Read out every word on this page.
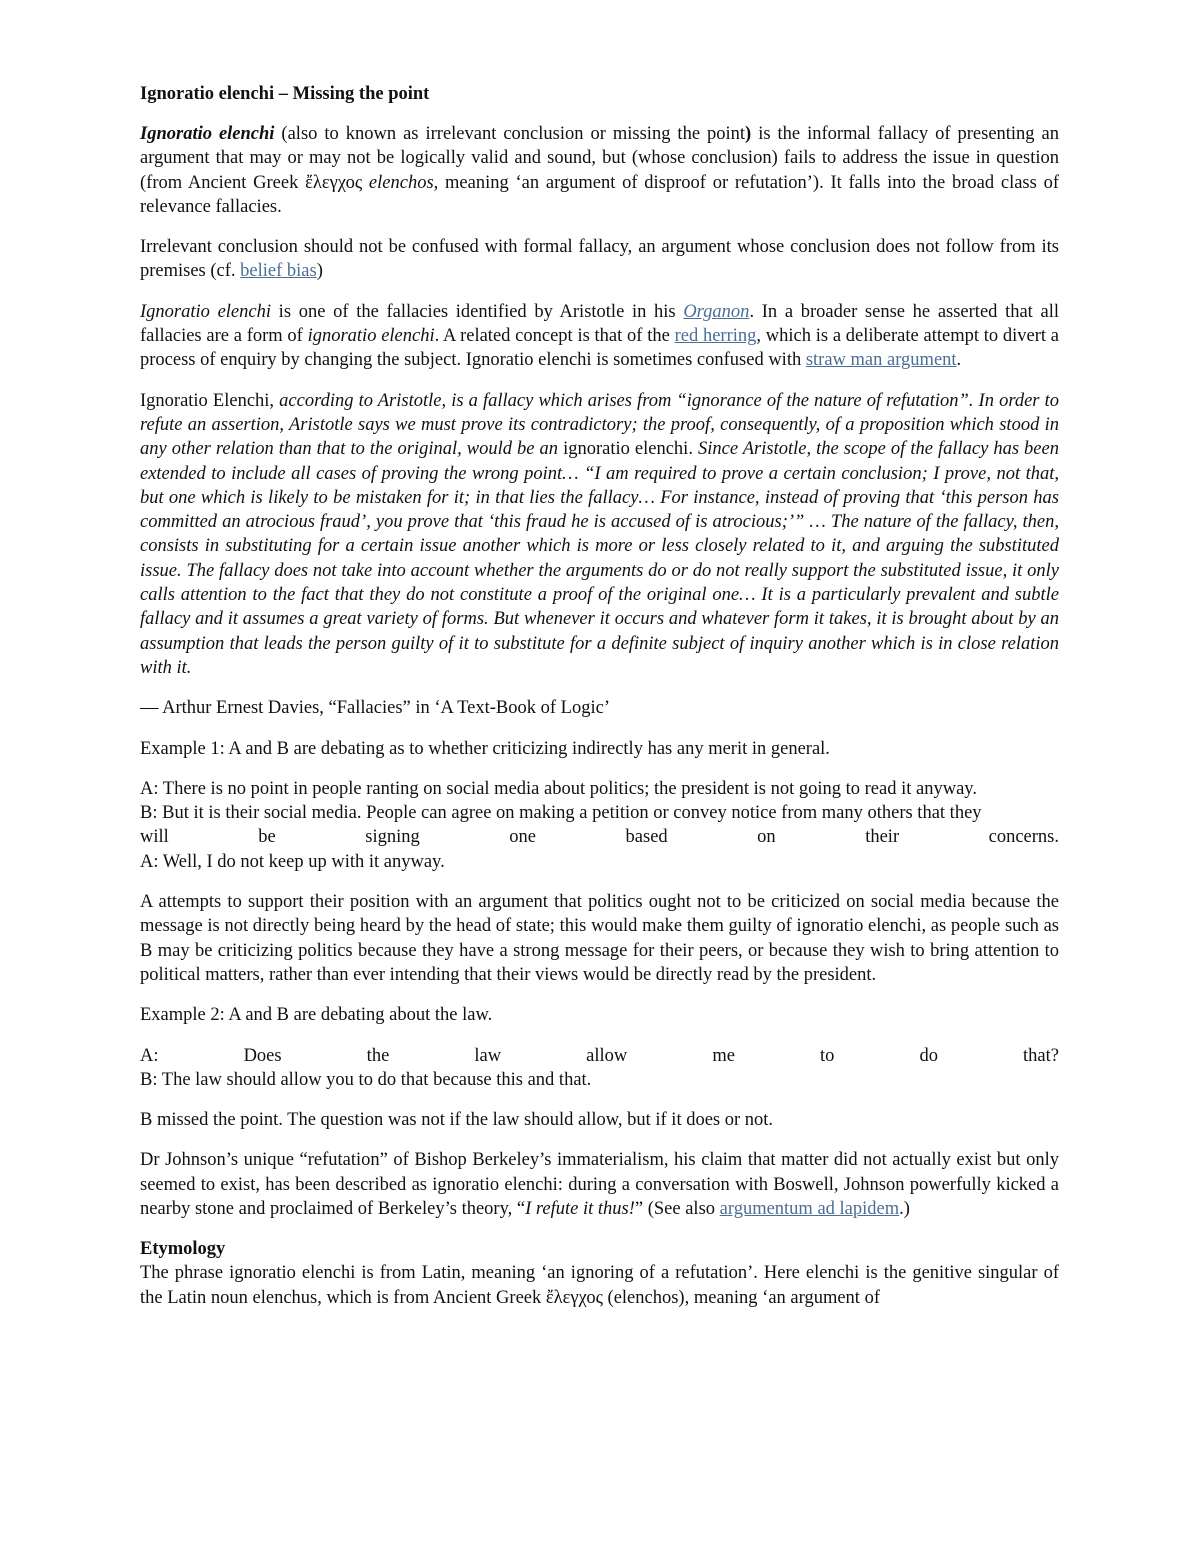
Ignoratio elenchi – Missing the point

Ignoratio elenchi (also to known as irrelevant conclusion or missing the point) is the informal fallacy of presenting an argument that may or may not be logically valid and sound, but (whose conclusion) fails to address the issue in question (from Ancient Greek ἔλεγχος elenchos, meaning ‘an argument of disproof or refutation’). It falls into the broad class of relevance fallacies.

Irrelevant conclusion should not be confused with formal fallacy, an argument whose conclusion does not follow from its premises (cf. belief bias)

Ignoratio elenchi is one of the fallacies identified by Aristotle in his Organon. In a broader sense he asserted that all fallacies are a form of ignoratio elenchi. A related concept is that of the red herring, which is a deliberate attempt to divert a process of enquiry by changing the subject. Ignoratio elenchi is sometimes confused with straw man argument.

Ignoratio Elenchi, according to Aristotle, is a fallacy which arises from “ignorance of the nature of refutation”. In order to refute an assertion, Aristotle says we must prove its contradictory; the proof, consequently, of a proposition which stood in any other relation than that to the original, would be an ignoratio elenchi. Since Aristotle, the scope of the fallacy has been extended to include all cases of proving the wrong point… “I am required to prove a certain conclusion; I prove, not that, but one which is likely to be mistaken for it; in that lies the fallacy… For instance, instead of proving that ‘this person has committed an atrocious fraud’, you prove that ‘this fraud he is accused of is atrocious;’” … The nature of the fallacy, then, consists in substituting for a certain issue another which is more or less closely related to it, and arguing the substituted issue. The fallacy does not take into account whether the arguments do or do not really support the substituted issue, it only calls attention to the fact that they do not constitute a proof of the original one… It is a particularly prevalent and subtle fallacy and it assumes a great variety of forms. But whenever it occurs and whatever form it takes, it is brought about by an assumption that leads the person guilty of it to substitute for a definite subject of inquiry another which is in close relation with it.

— Arthur Ernest Davies, “Fallacies” in ‘A Text-Book of Logic’

Example 1: A and B are debating as to whether criticizing indirectly has any merit in general.

A: There is no point in people ranting on social media about politics; the president is not going to read it anyway.
B: But it is their social media. People can agree on making a petition or convey notice from many others that they
will be signing one based on their concerns.
A: Well, I do not keep up with it anyway.

A attempts to support their position with an argument that politics ought not to be criticized on social media because the message is not directly being heard by the head of state; this would make them guilty of ignoratio elenchi, as people such as B may be criticizing politics because they have a strong message for their peers, or because they wish to bring attention to political matters, rather than ever intending that their views would be directly read by the president.

Example 2: A and B are debating about the law.

A: Does the law allow me to do that?
B: The law should allow you to do that because this and that.

B missed the point. The question was not if the law should allow, but if it does or not.

Dr Johnson’s unique “refutation” of Bishop Berkeley’s immaterialism, his claim that matter did not actually exist but only seemed to exist, has been described as ignoratio elenchi: during a conversation with Boswell, Johnson powerfully kicked a nearby stone and proclaimed of Berkeley’s theory, “I refute it thus!” (See also argumentum ad lapidem.)

Etymology

The phrase ignoratio elenchi is from Latin, meaning ‘an ignoring of a refutation’. Here elenchi is the genitive singular of the Latin noun elenchus, which is from Ancient Greek ἔλεγχος (elenchos), meaning ‘an argument of
